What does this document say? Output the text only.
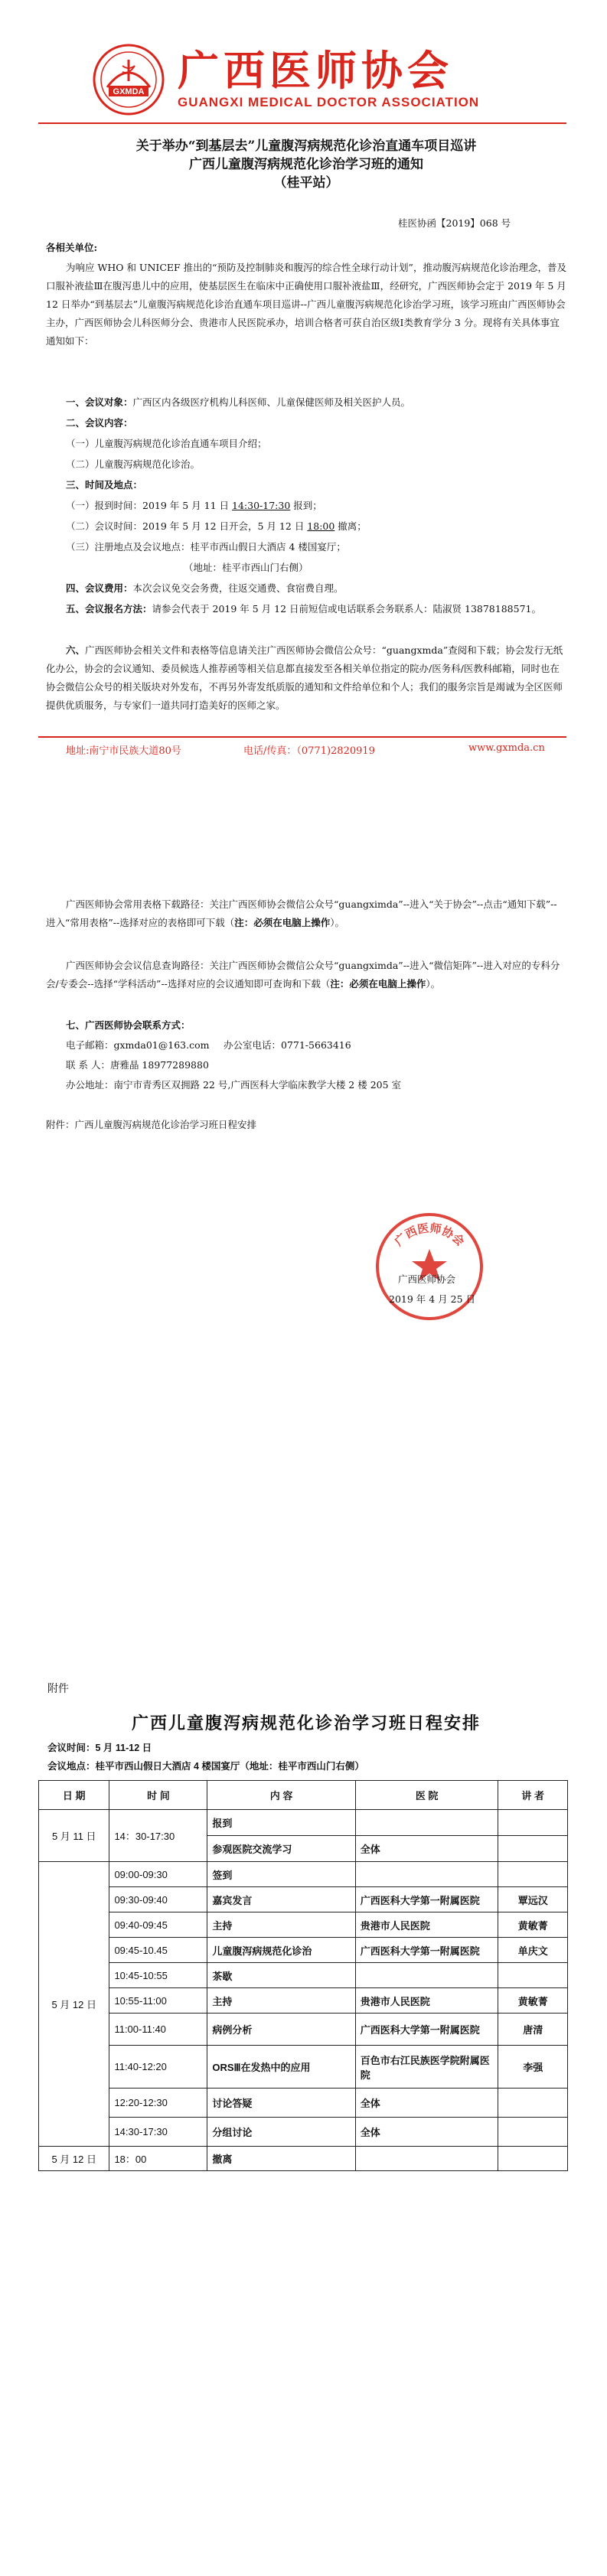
GXMDA 广西医师协会
GUANGXI MEDICAL DOCTOR ASSOCIATION
关于举办“到基层去”儿童腹泻病规范化诊治直通车项目巡讲
广西儿童腹泻病规范化诊治学习班的通知
（桂平站）
桂医协函【2019】068 号
各相关单位:
为响应 WHO 和 UNICEF 推出的“预防及控制肺炎和腹泻的综合性全球行动计划”，推动腹泻病规范化诊治理念，普及口服补液盐Ⅲ在腹泻患儿中的应用，使基层医生在临床中正确使用口服补液盐Ⅲ，经研究，广西医师协会定于 2019 年 5 月 12 日举办“到基层去”儿童腹泻病规范化诊治直通车项目巡讲--广西儿童腹泻病规范化诊治学习班，该学习班由广西医师协会主办，广西医师协会儿科医师分会、贵港市人民医院承办，培训合格者可获自治区级Ⅰ类教育学分 3 分。现将有关具体事宜通知如下：
一、会议对象：广西区内各级医疗机构儿科医师、儿童保健医师及相关医护人员。
二、会议内容：
（一）儿童腹泻病规范化诊治直通车项目介绍；
（二）儿童腹泻病规范化诊治。
三、时间及地点：
（一）报到时间：2019 年 5 月 11 日 14:30-17:30 报到；
（二）会议时间：2019 年 5 月 12 日开会，5 月 12 日 18:00 撤离；
（三）注册地点及会议地点：桂平市西山假日大酒店 4 楼国宴厅；
（地址：桂平市西山门右侧）
四、会议费用：本次会议免交会务费，往返交通费、食宿费自理。
五、会议报名方法：请参会代表于 2019 年 5 月 12 日前短信或电话联系会务联系人：陆淑贤 13878188571。
六、广西医师协会相关文件和表格等信息请关注广西医师协会微信公众号：“guangxmda”查阅和下载；协会发行无纸化办公，协会的会议通知、委员候选人推荐函等相关信息都直接发至各相关单位指定的院办/医务科/医教科邮箱，同时也在协会微信公众号的相关版块对外发布，不再另外寄发纸质版的通知和文件给单位和个人；我们的服务宗旨是竭诚为全区医师提供优质服务，与专家们一道共同打造美好的医师之家。
地址:南宁市民族大道80号	电话/传真：（0771)2820919	www.gxmda.cn
广西医师协会常用表格下载路径：关注广西医师协会微信公众号“guangximda”--进入“关于协会”--点击“通知下载”--进入“常用表格”--选择对应的表格即可下载（注：必须在电脑上操作）。
广西医师协会会议信息查询路径：关注广西医师协会微信公众号“guangximda”--进入“微信矩阵”--进入对应的专科分会/专委会--选择“学科活动”--选择对应的会议通知即可查询和下载（注：必须在电脑上操作）。
七、广西医师协会联系方式：
电子邮箱：gxmda01@163.com 办公室电话：0771-5663416
联 系 人：唐雅晶 18977289880
办公地址：南宁市青秀区双拥路 22 号,广西医科大学临床教学大楼 2 楼 205 室
附件：广西儿童腹泻病规范化诊治学习班日程安排
广西医师协会
广西医师协会
2019 年 4 月 25 日
附件
广西儿童腹泻病规范化诊治学习班日程安排
会议时间：5 月 11-12 日
会议地点：桂平市西山假日大酒店 4 楼国宴厅（地址：桂平市西山门右侧）
日 期	时 间	内 容	医 院	讲 者
5 月 11 日	14：30-17:30	报到		
		参观医院交流学习	全体	
5 月 12 日	09:00-09:30	签到		
	09:30-09:40	嘉宾发言	广西医科大学第一附属医院	覃远汉
	09:40-09:45	主持	贵港市人民医院	黄敏菁
	09:45-10.45	儿童腹泻病规范化诊治	广西医科大学第一附属医院	单庆文
	10:45-10:55	茶歇		
	10:55-11:00	主持	贵港市人民医院	黄敏菁
	11:00-11:40	病例分析	广西医科大学第一附属医院	唐清
	11:40-12:20	ORSⅢ在发热中的应用	百色市右江民族医学院附属医院	李强
	12:20-12:30	讨论答疑	全体	
	14:30-17:30	分组讨论	全体	
5 月 12 日	18：00	撤离		
